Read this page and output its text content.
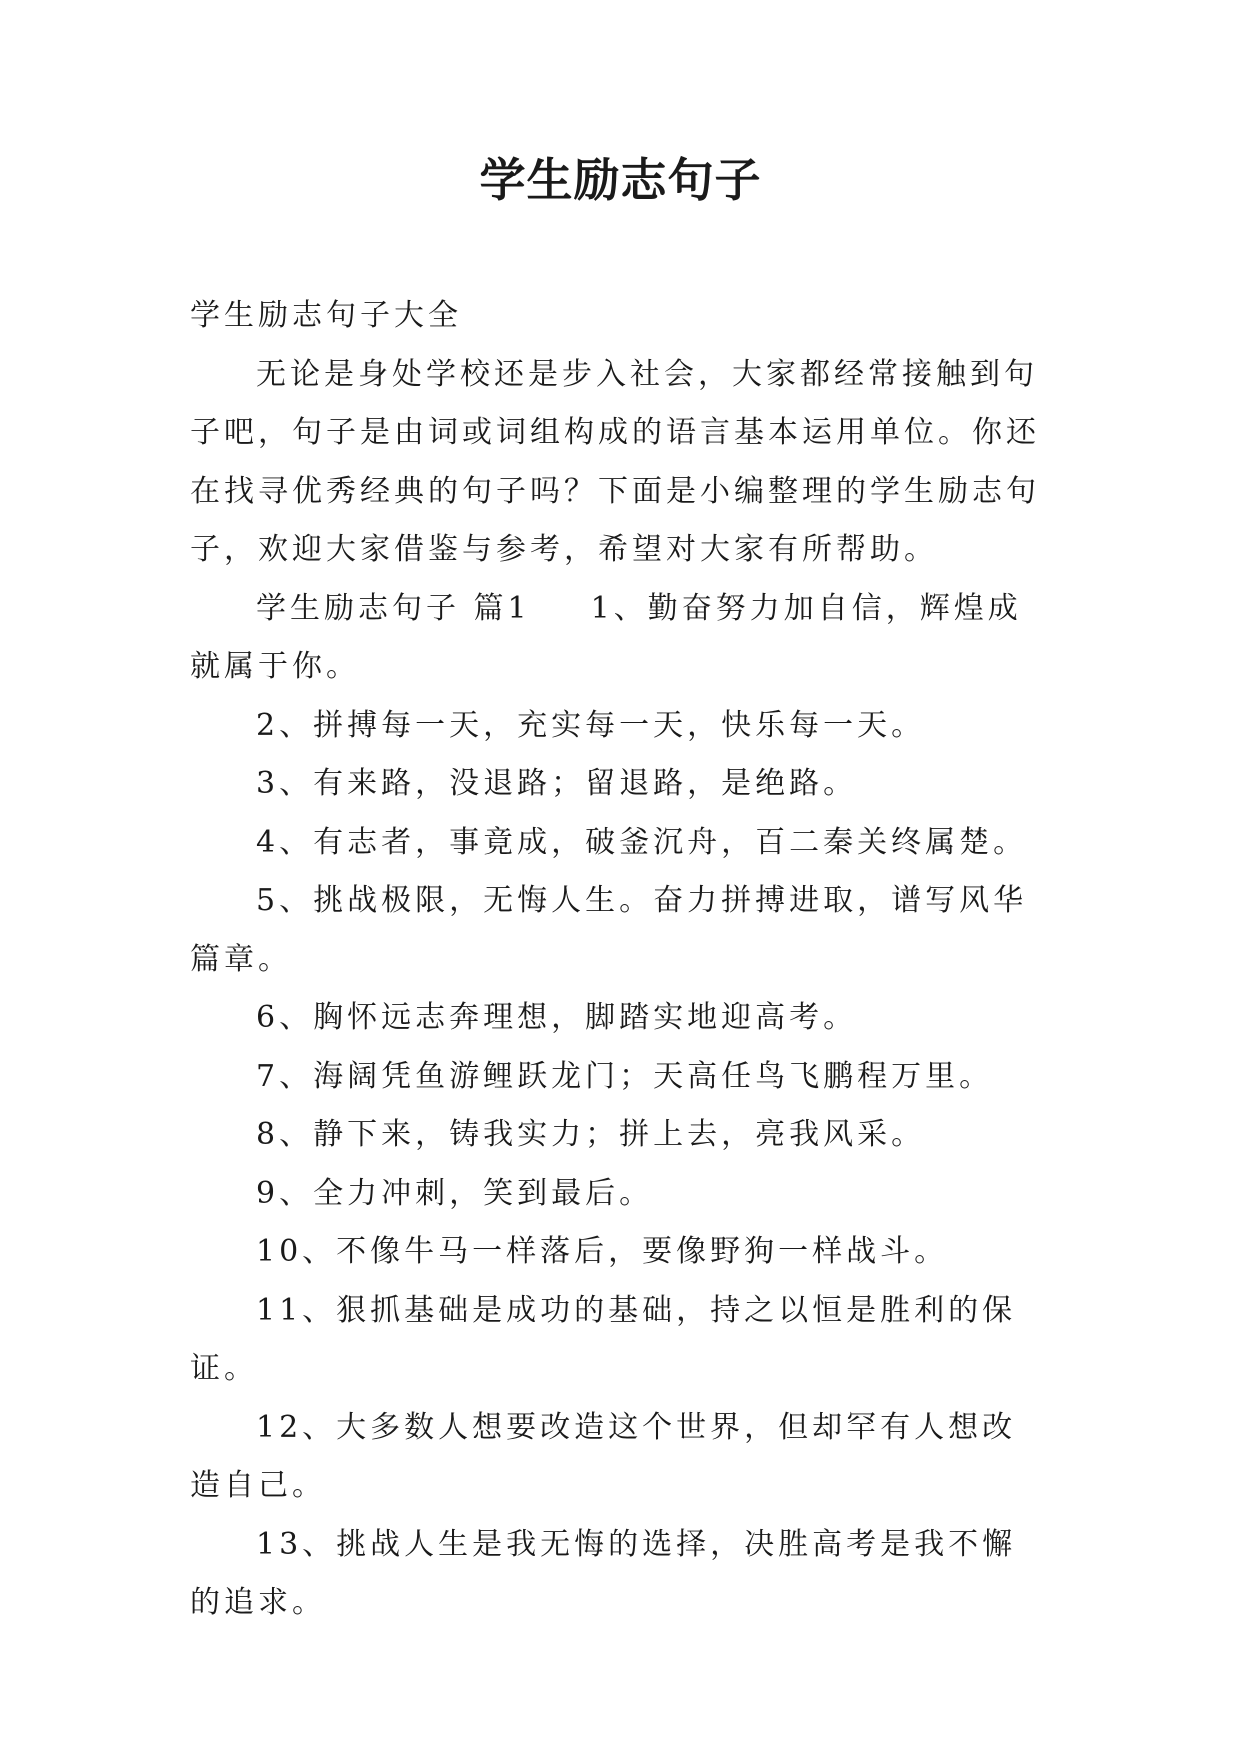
学生励志句子

学生励志句子大全

无论是身处学校还是步入社会，大家都经常接触到句子吧，句子是由词或词组构成的语言基本运用单位。你还在找寻优秀经典的句子吗？下面是小编整理的学生励志句子，欢迎大家借鉴与参考，希望对大家有所帮助。

学生励志句子 篇1 1、勤奋努力加自信，辉煌成就属于你。

2、拼搏每一天，充实每一天，快乐每一天。

3、有来路，没退路；留退路，是绝路。

4、有志者，事竟成，破釜沉舟，百二秦关终属楚。

5、挑战极限，无悔人生。奋力拼搏进取，谱写风华篇章。

6、胸怀远志奔理想，脚踏实地迎高考。

7、海阔凭鱼游鲤跃龙门；天高任鸟飞鹏程万里。

8、静下来，铸我实力；拼上去，亮我风采。

9、全力冲刺，笑到最后。

10、不像牛马一样落后，要像野狗一样战斗。

11、狠抓基础是成功的基础，持之以恒是胜利的保证。

12、大多数人想要改造这个世界，但却罕有人想改造自己。

13、挑战人生是我无悔的选择，决胜高考是我不懈的追求。
